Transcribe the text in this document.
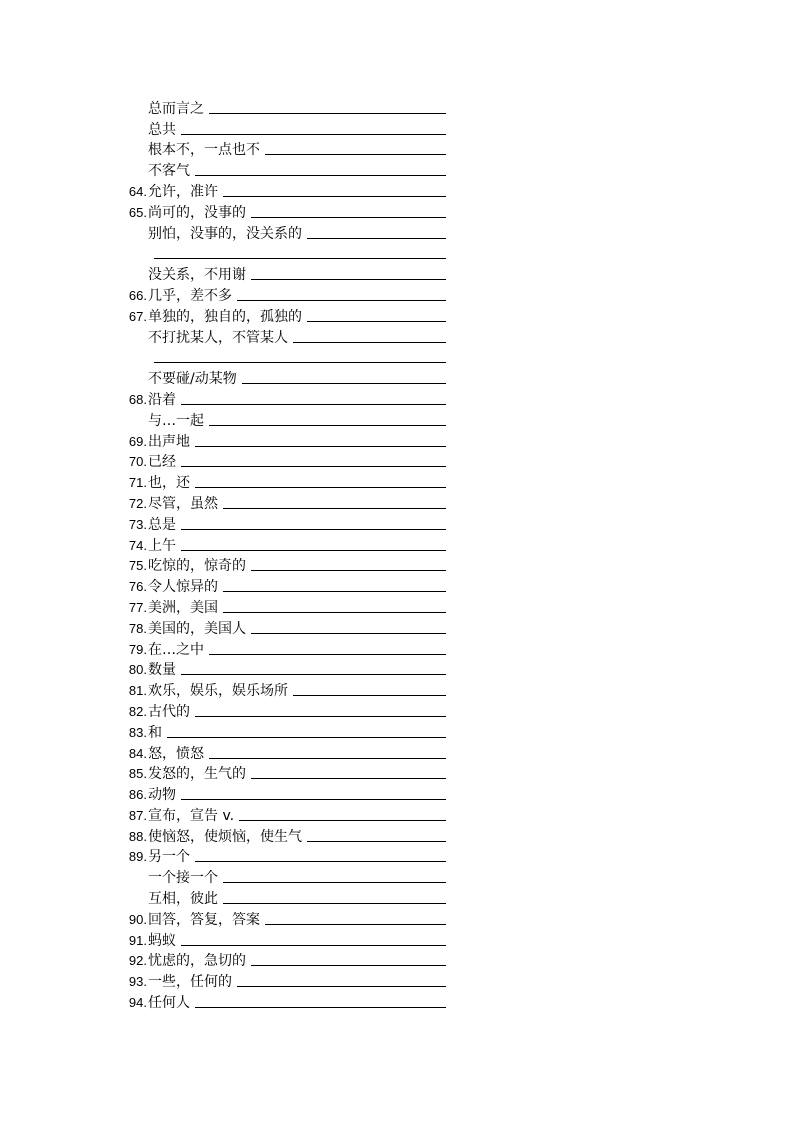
总而言之
总共
根本不，一点也不
不客气
64. 允许，准许
65. 尚可的，没事的
别怕，没事的，没关系的
没关系，不用谢
66. 几乎，差不多
67. 单独的，独自的，孤独的
不打扰某人，不管某人
不要碰/动某物
68. 沿着
与…一起
69. 出声地
70. 已经
71. 也，还
72. 尽管，虽然
73. 总是
74. 上午
75. 吃惊的，惊奇的
76. 令人惊异的
77. 美洲，美国
78. 美国的，美国人
79. 在…之中
80. 数量
81. 欢乐，娱乐，娱乐场所
82. 古代的
83. 和
84. 怒，愤怒
85. 发怒的，生气的
86. 动物
87. 宣布，宣告 v.
88. 使恼怒，使烦恼，使生气
89. 另一个
一个接一个
互相，彼此
90. 回答，答复，答案
91. 蚂蚁
92. 忧虑的，急切的
93. 一些，任何的
94. 任何人
